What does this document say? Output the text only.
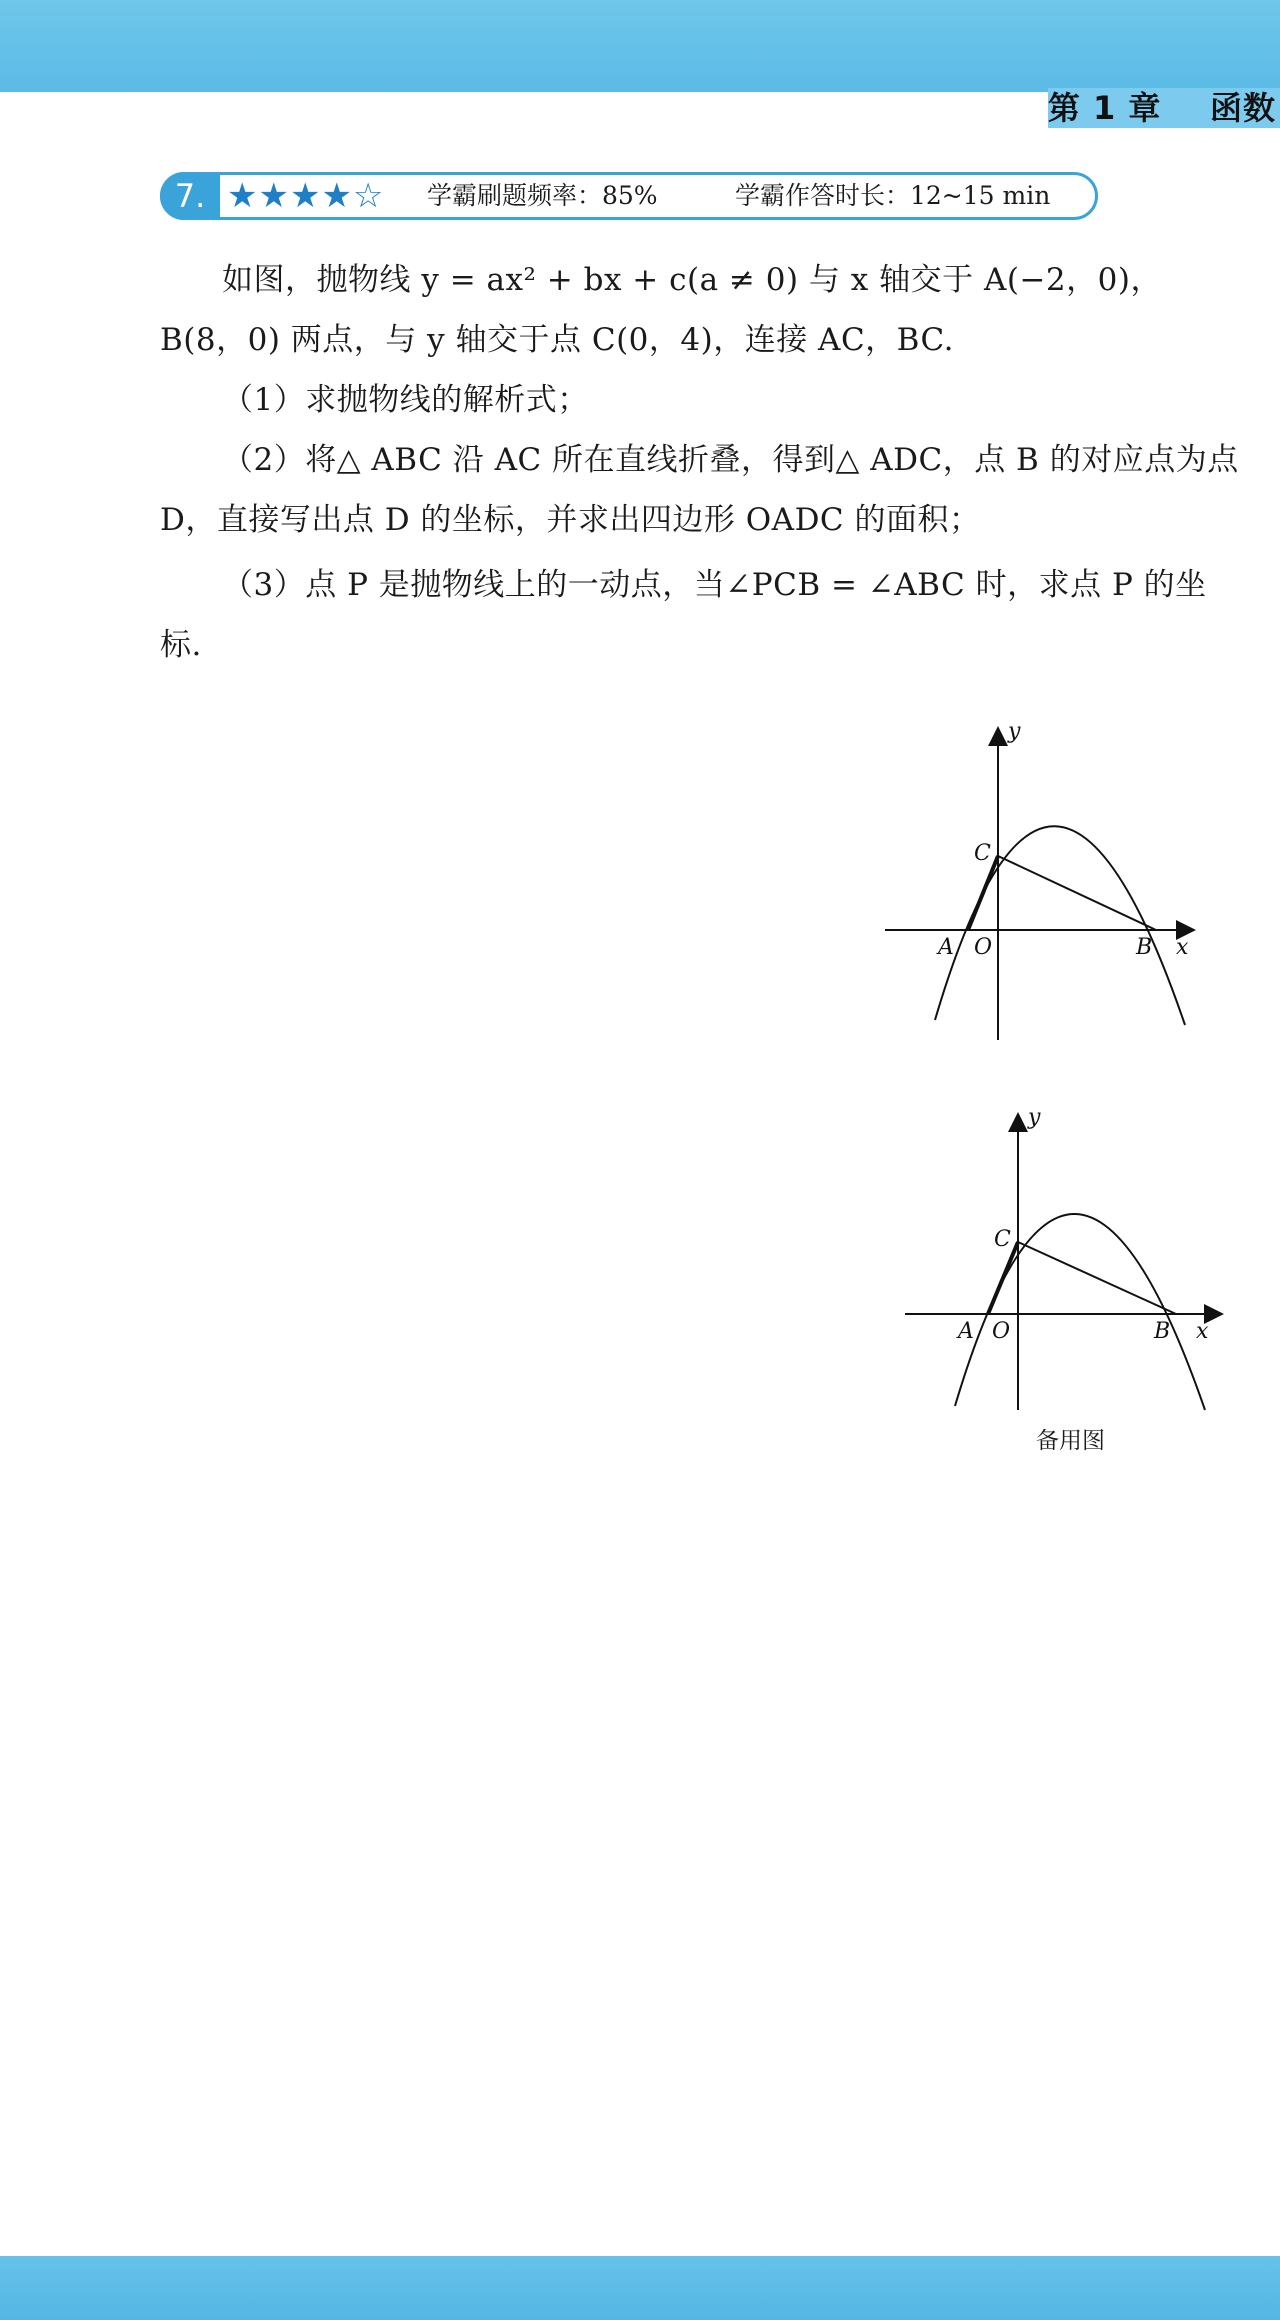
第 1 章    函数
7. ★★★★☆ 学霸刷题频率：85%	学霸作答时长：12~15 min
如图，抛物线 y = ax² + bx + c(a ≠ 0) 与 x 轴交于 A(−2，0)，B(8，0) 两点，与 y 轴交于点 C(0，4)，连接 AC，BC.
（1）求抛物线的解析式；
（2）将△ ABC 沿 AC 所在直线折叠，得到△ ADC，点 B 的对应点为点 D，直接写出点 D 的坐标，并求出四边形 OADC 的面积；
（3）点 P 是抛物线上的一动点，当∠PCB = ∠ABC 时，求点 P 的坐标.
y
C
A O	B x
y
C
A O	B x
备用图
